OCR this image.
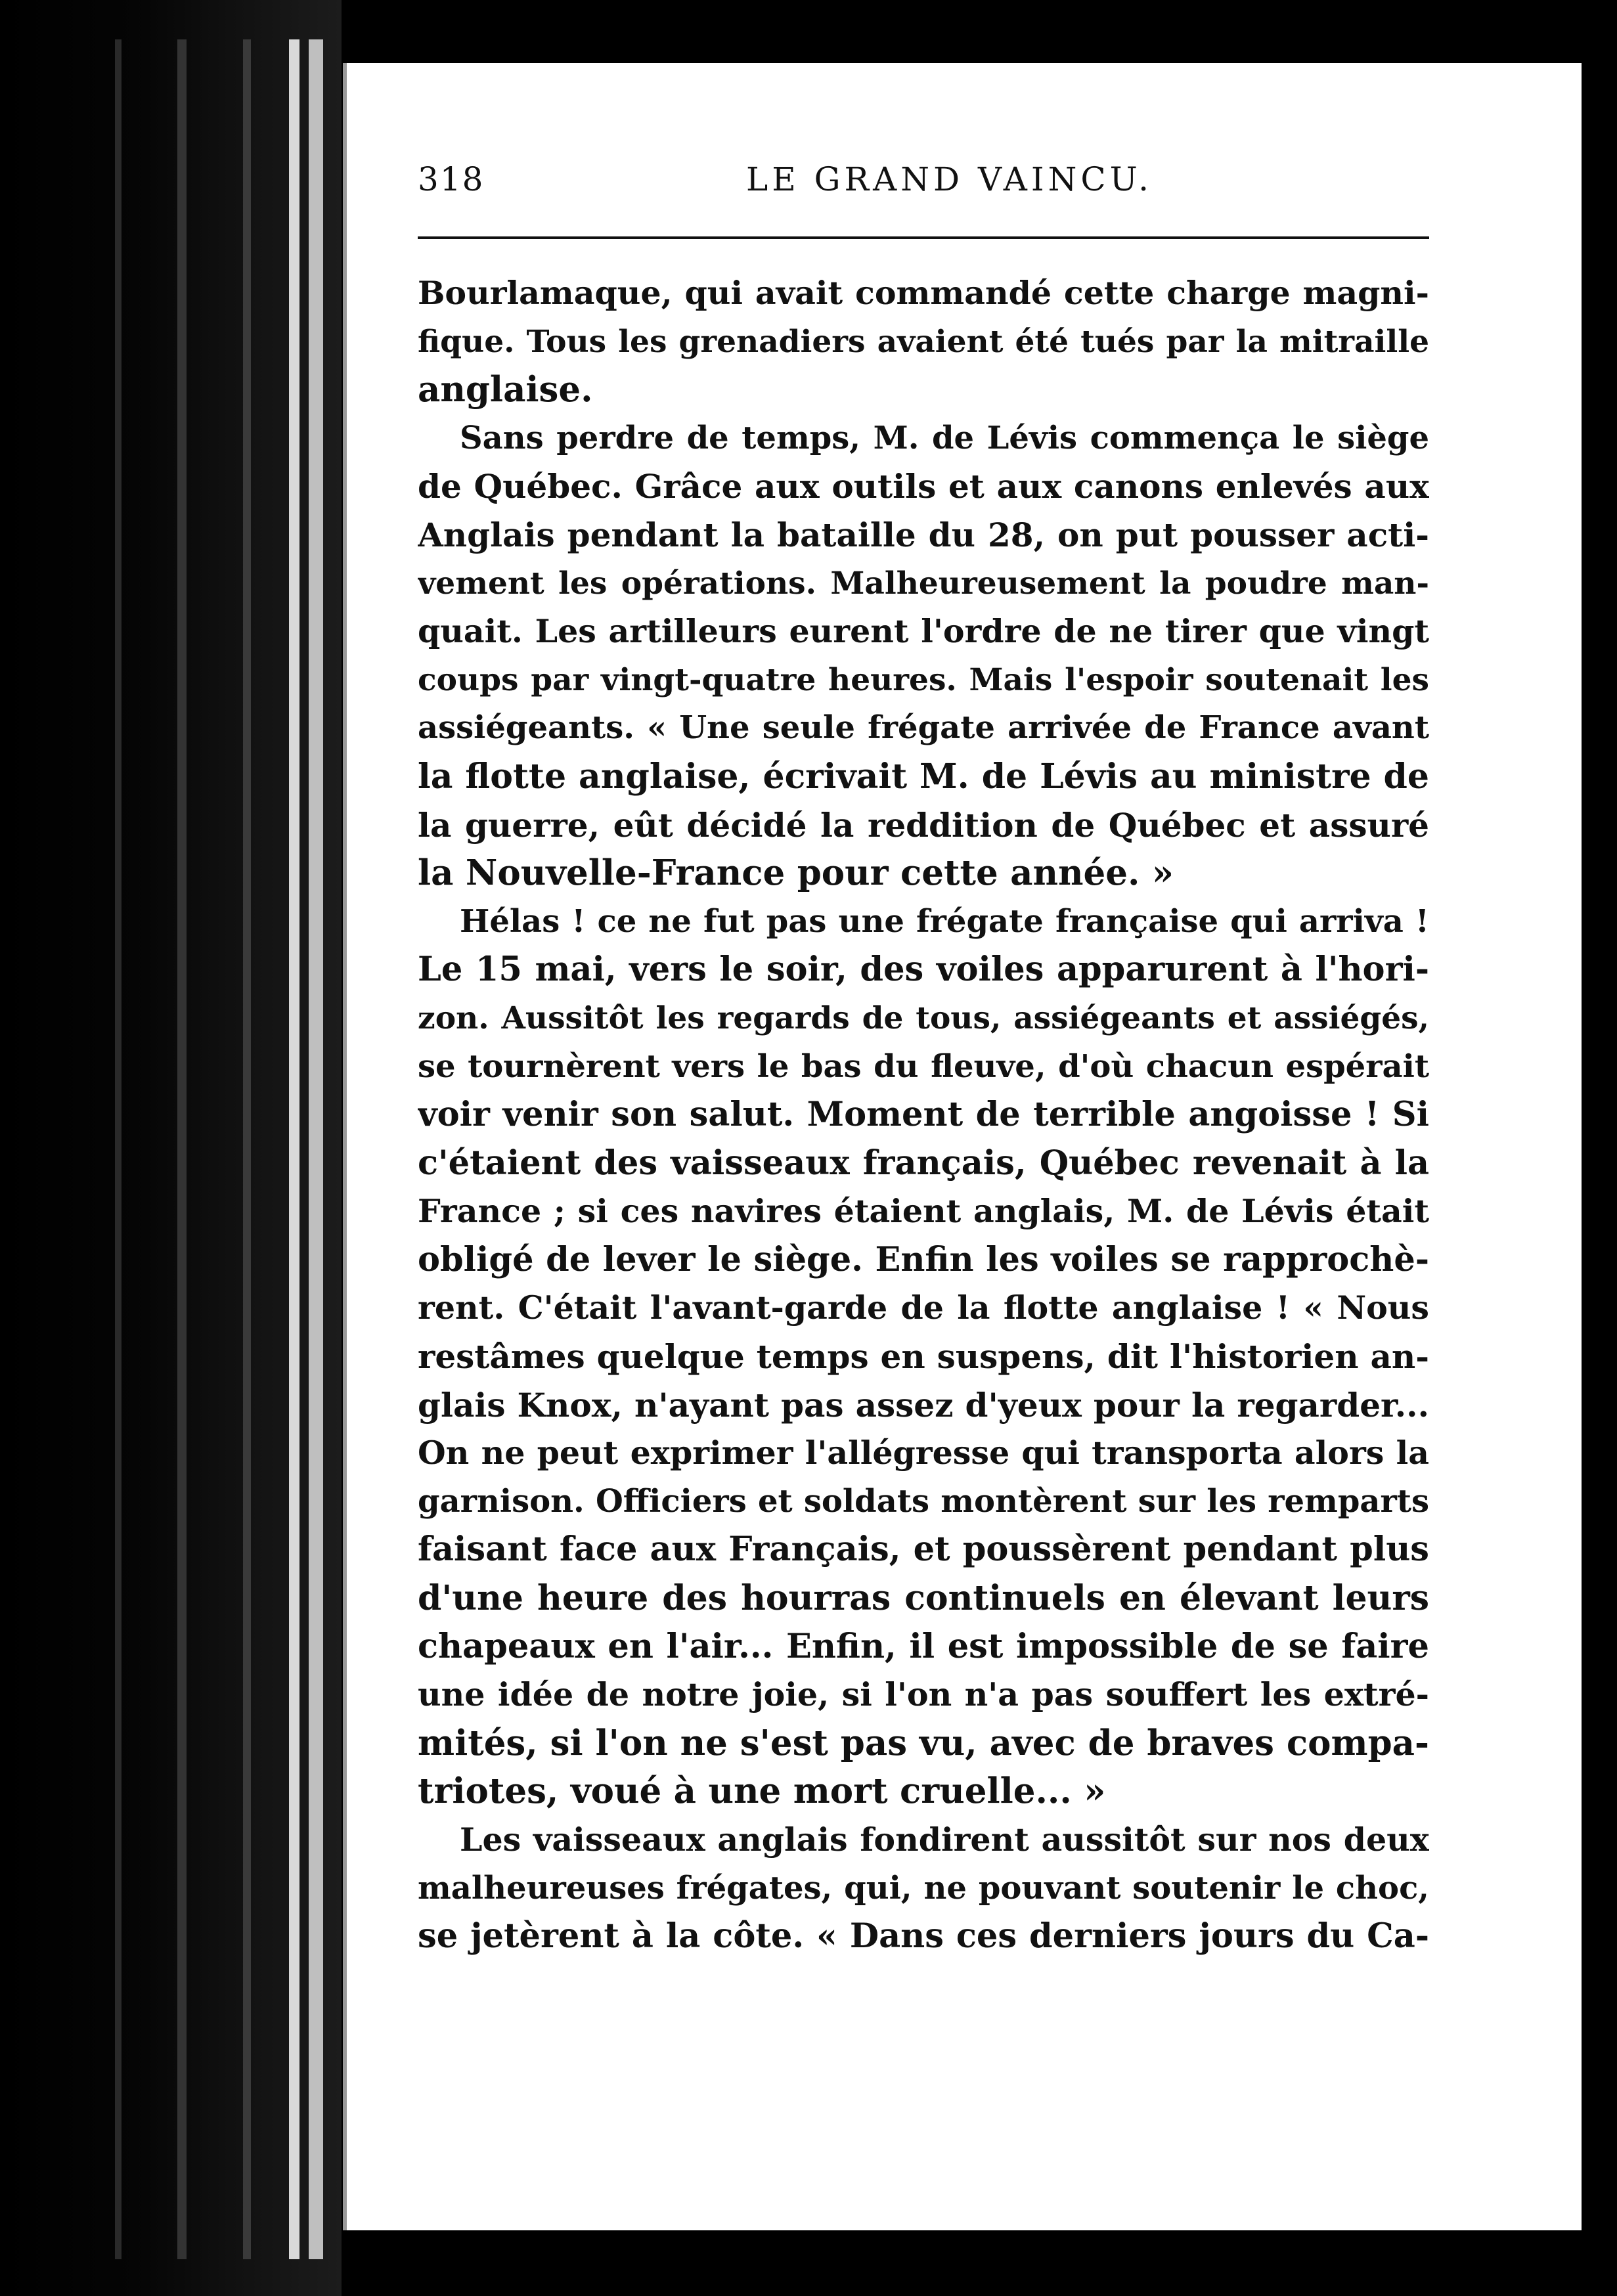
318	LE GRAND VAINCU.
Bourlamaque, qui avait commandé cette charge magni-
fique. Tous les grenadiers avaient été tués par la mitraille
anglaise.
Sans perdre de temps, M. de Lévis commença le siège
de Québec. Grâce aux outils et aux canons enlevés aux
Anglais pendant la bataille du 28, on put pousser acti-
vement les opérations. Malheureusement la poudre man-
quait. Les artilleurs eurent l'ordre de ne tirer que vingt
coups par vingt-quatre heures. Mais l'espoir soutenait les
assiégeants. « Une seule frégate arrivée de France avant
la flotte anglaise, écrivait M. de Lévis au ministre de
la guerre, eût décidé la reddition de Québec et assuré
la Nouvelle-France pour cette année. »
Hélas ! ce ne fut pas une frégate française qui arriva !
Le 15 mai, vers le soir, des voiles apparurent à l'hori-
zon. Aussitôt les regards de tous, assiégeants et assiégés,
se tournèrent vers le bas du fleuve, d'où chacun espérait
voir venir son salut. Moment de terrible angoisse ! Si
c'étaient des vaisseaux français, Québec revenait à la
France ; si ces navires étaient anglais, M. de Lévis était
obligé de lever le siège. Enfin les voiles se rapprochè-
rent. C'était l'avant-garde de la flotte anglaise ! « Nous
restâmes quelque temps en suspens, dit l'historien an-
glais Knox, n'ayant pas assez d'yeux pour la regarder...
On ne peut exprimer l'allégresse qui transporta alors la
garnison. Officiers et soldats montèrent sur les remparts
faisant face aux Français, et poussèrent pendant plus
d'une heure des hourras continuels en élevant leurs
chapeaux en l'air... Enfin, il est impossible de se faire
une idée de notre joie, si l'on n'a pas souffert les extré-
mités, si l'on ne s'est pas vu, avec de braves compa-
triotes, voué à une mort cruelle... »
Les vaisseaux anglais fondirent aussitôt sur nos deux
malheureuses frégates, qui, ne pouvant soutenir le choc,
se jetèrent à la côte. « Dans ces derniers jours du Ca-
